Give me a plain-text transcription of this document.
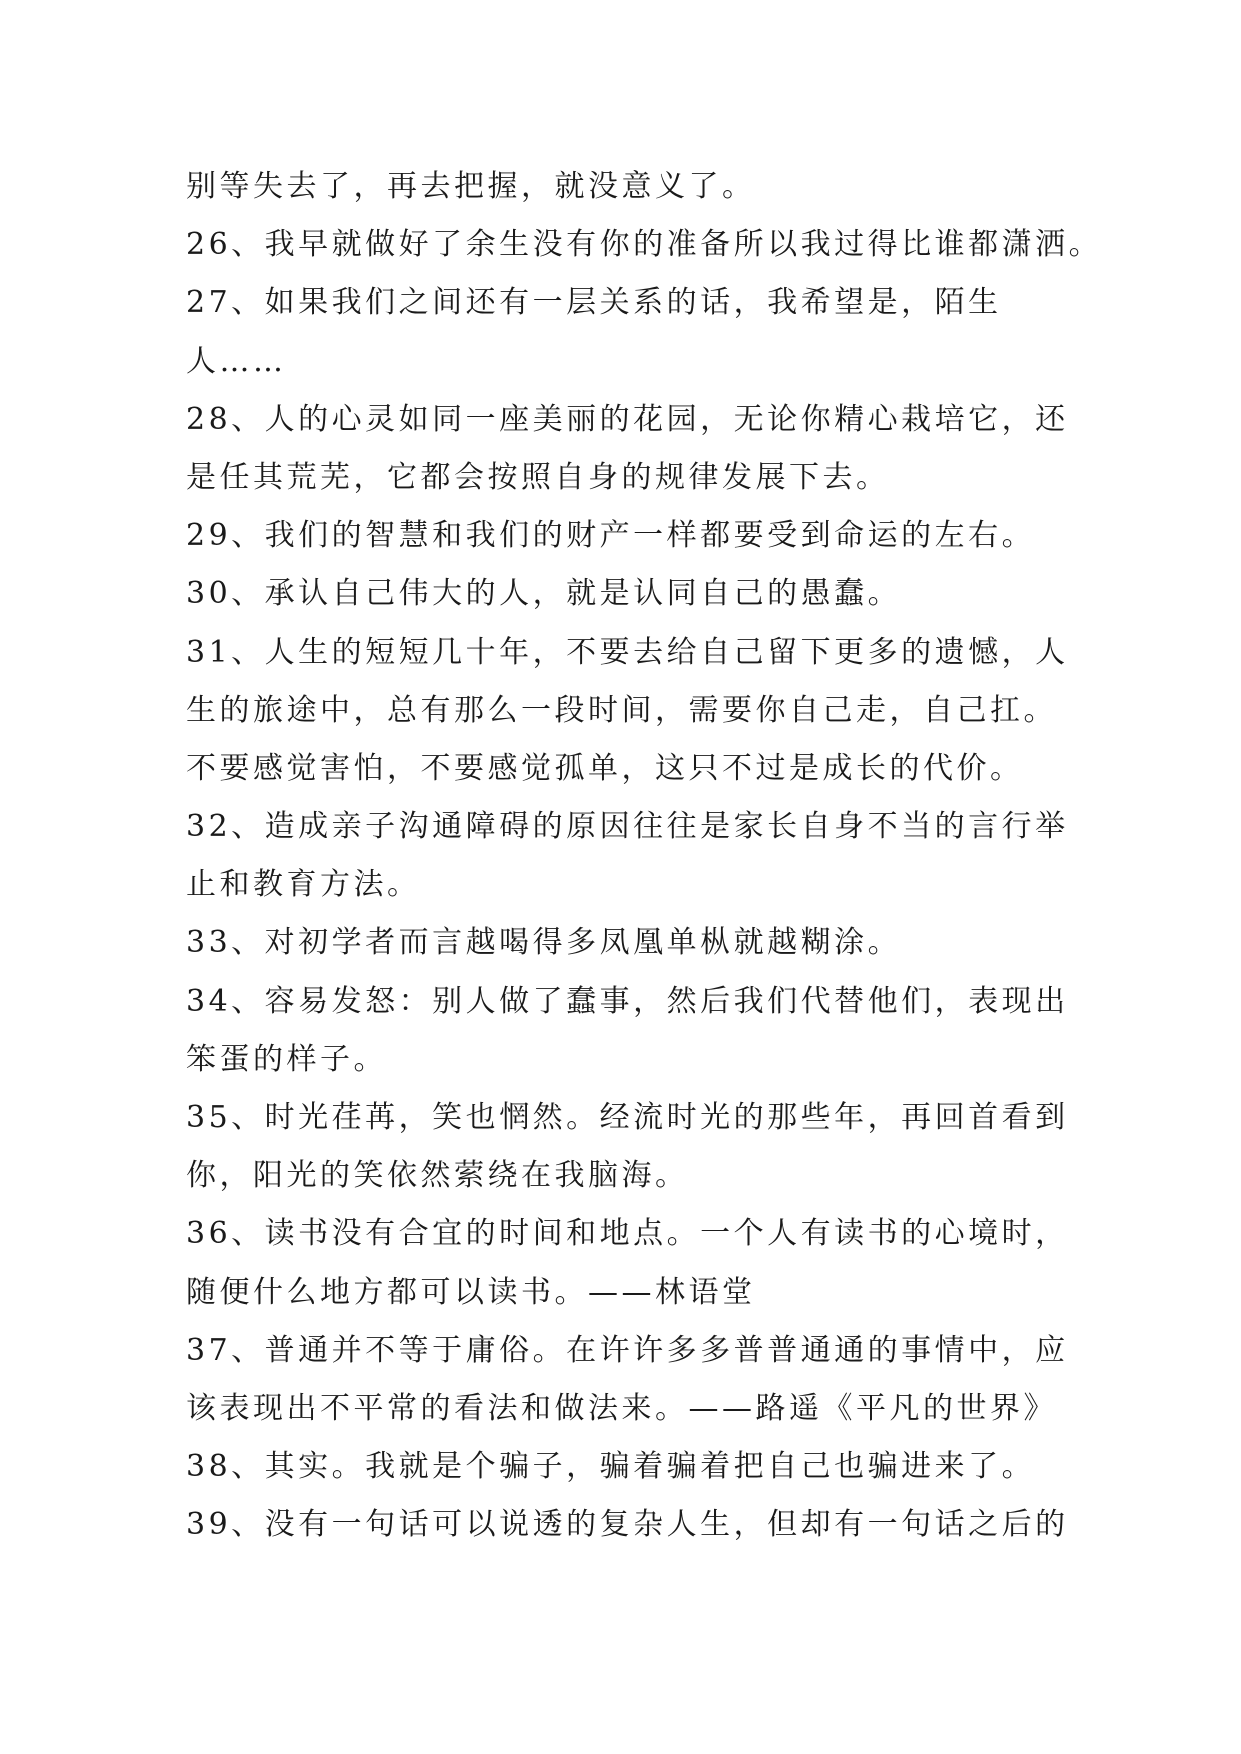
别等失去了，再去把握，就没意义了。
26、我早就做好了余生没有你的准备所以我过得比谁都潇洒。
27、如果我们之间还有一层关系的话，我希望是，陌生
人……
28、人的心灵如同一座美丽的花园，无论你精心栽培它，还
是任其荒芜，它都会按照自身的规律发展下去。
29、我们的智慧和我们的财产一样都要受到命运的左右。
30、承认自己伟大的人，就是认同自己的愚蠢。
31、人生的短短几十年，不要去给自己留下更多的遗憾，人
生的旅途中，总有那么一段时间，需要你自己走，自己扛。
不要感觉害怕，不要感觉孤单，这只不过是成长的代价。
32、造成亲子沟通障碍的原因往往是家长自身不当的言行举
止和教育方法。
33、对初学者而言越喝得多凤凰单枞就越糊涂。
34、容易发怒：别人做了蠢事，然后我们代替他们，表现出
笨蛋的样子。
35、时光荏苒，笑也惘然。经流时光的那些年，再回首看到
你，阳光的笑依然萦绕在我脑海。
36、读书没有合宜的时间和地点。一个人有读书的心境时，
随便什么地方都可以读书。——林语堂
37、普通并不等于庸俗。在许许多多普普通通的事情中，应
该表现出不平常的看法和做法来。——路遥《平凡的世界》
38、其实。我就是个骗子，骗着骗着把自己也骗进来了。
39、没有一句话可以说透的复杂人生，但却有一句话之后的
